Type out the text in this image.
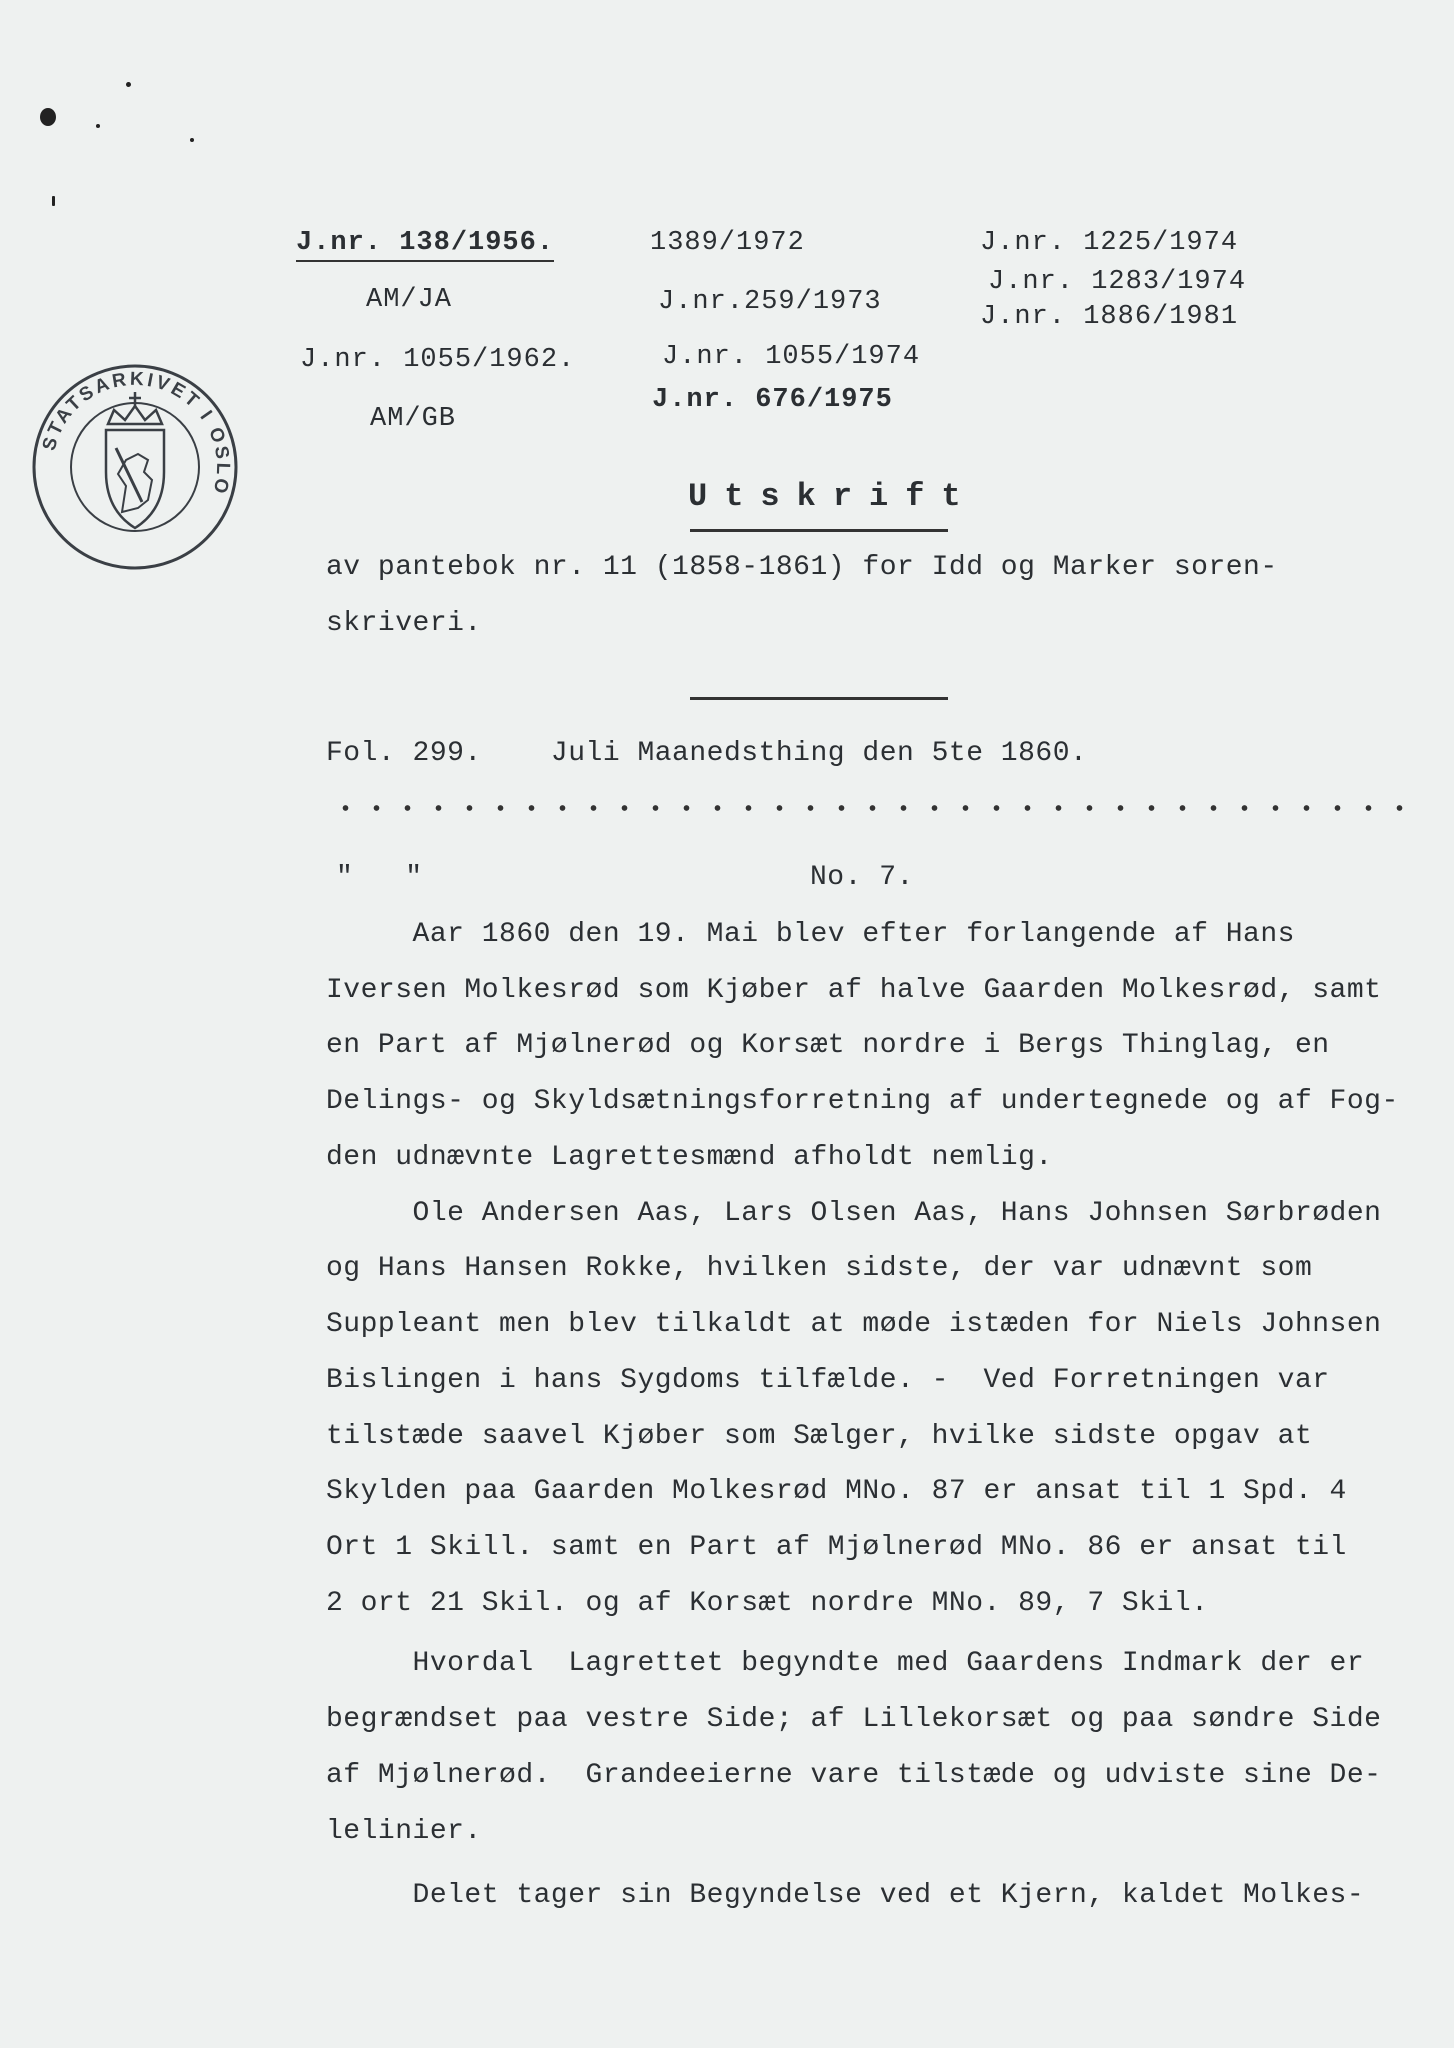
J.nr. 138/1956.
AM/JA
J.nr. 1055/1962.
AM/GB
1389/1972
J.nr.259/1973
J.nr. 1055/1974
J.nr. 676/1975
J.nr. 1225/1974
J.nr. 1283/1974
J.nr. 1886/1981
STATSARKIVET I OSLO	Utskrift
av pantebok nr. 11 (1858-1861) for Idd og Marker soren-
skriveri.
Fol. 299.    Juli Maanedsthing den 5te 1860.
"   "	No. 7.
Aar 1860 den 19. Mai blev efter forlangende af Hans
Iversen Molkesrød som Kjøber af halve Gaarden Molkesrød, samt
en Part af Mjølnerød og Korsæt nordre i Bergs Thinglag, en
Delings- og Skyldsætningsforretning af undertegnede og af Fog-
den udnævnte Lagrettesmænd afholdt nemlig.
Ole Andersen Aas, Lars Olsen Aas, Hans Johnsen Sørbrøden
og Hans Hansen Rokke, hvilken sidste, der var udnævnt som
Suppleant men blev tilkaldt at møde istæden for Niels Johnsen
Bislingen i hans Sygdoms tilfælde. -  Ved Forretningen var
tilstæde saavel Kjøber som Sælger, hvilke sidste opgav at
Skylden paa Gaarden Molkesrød MNo. 87 er ansat til 1 Spd. 4
Ort 1 Skill. samt en Part af Mjølnerød MNo. 86 er ansat til
2 ort 21 Skil. og af Korsæt nordre MNo. 89, 7 Skil.
Hvordal  Lagrettet begyndte med Gaardens Indmark der er
begrændset paa vestre Side; af Lillekorsæt og paa søndre Side
af Mjølnerød.  Grandeeierne vare tilstæde og udviste sine De-
lelinier.
Delet tager sin Begyndelse ved et Kjern, kaldet Molkes-
